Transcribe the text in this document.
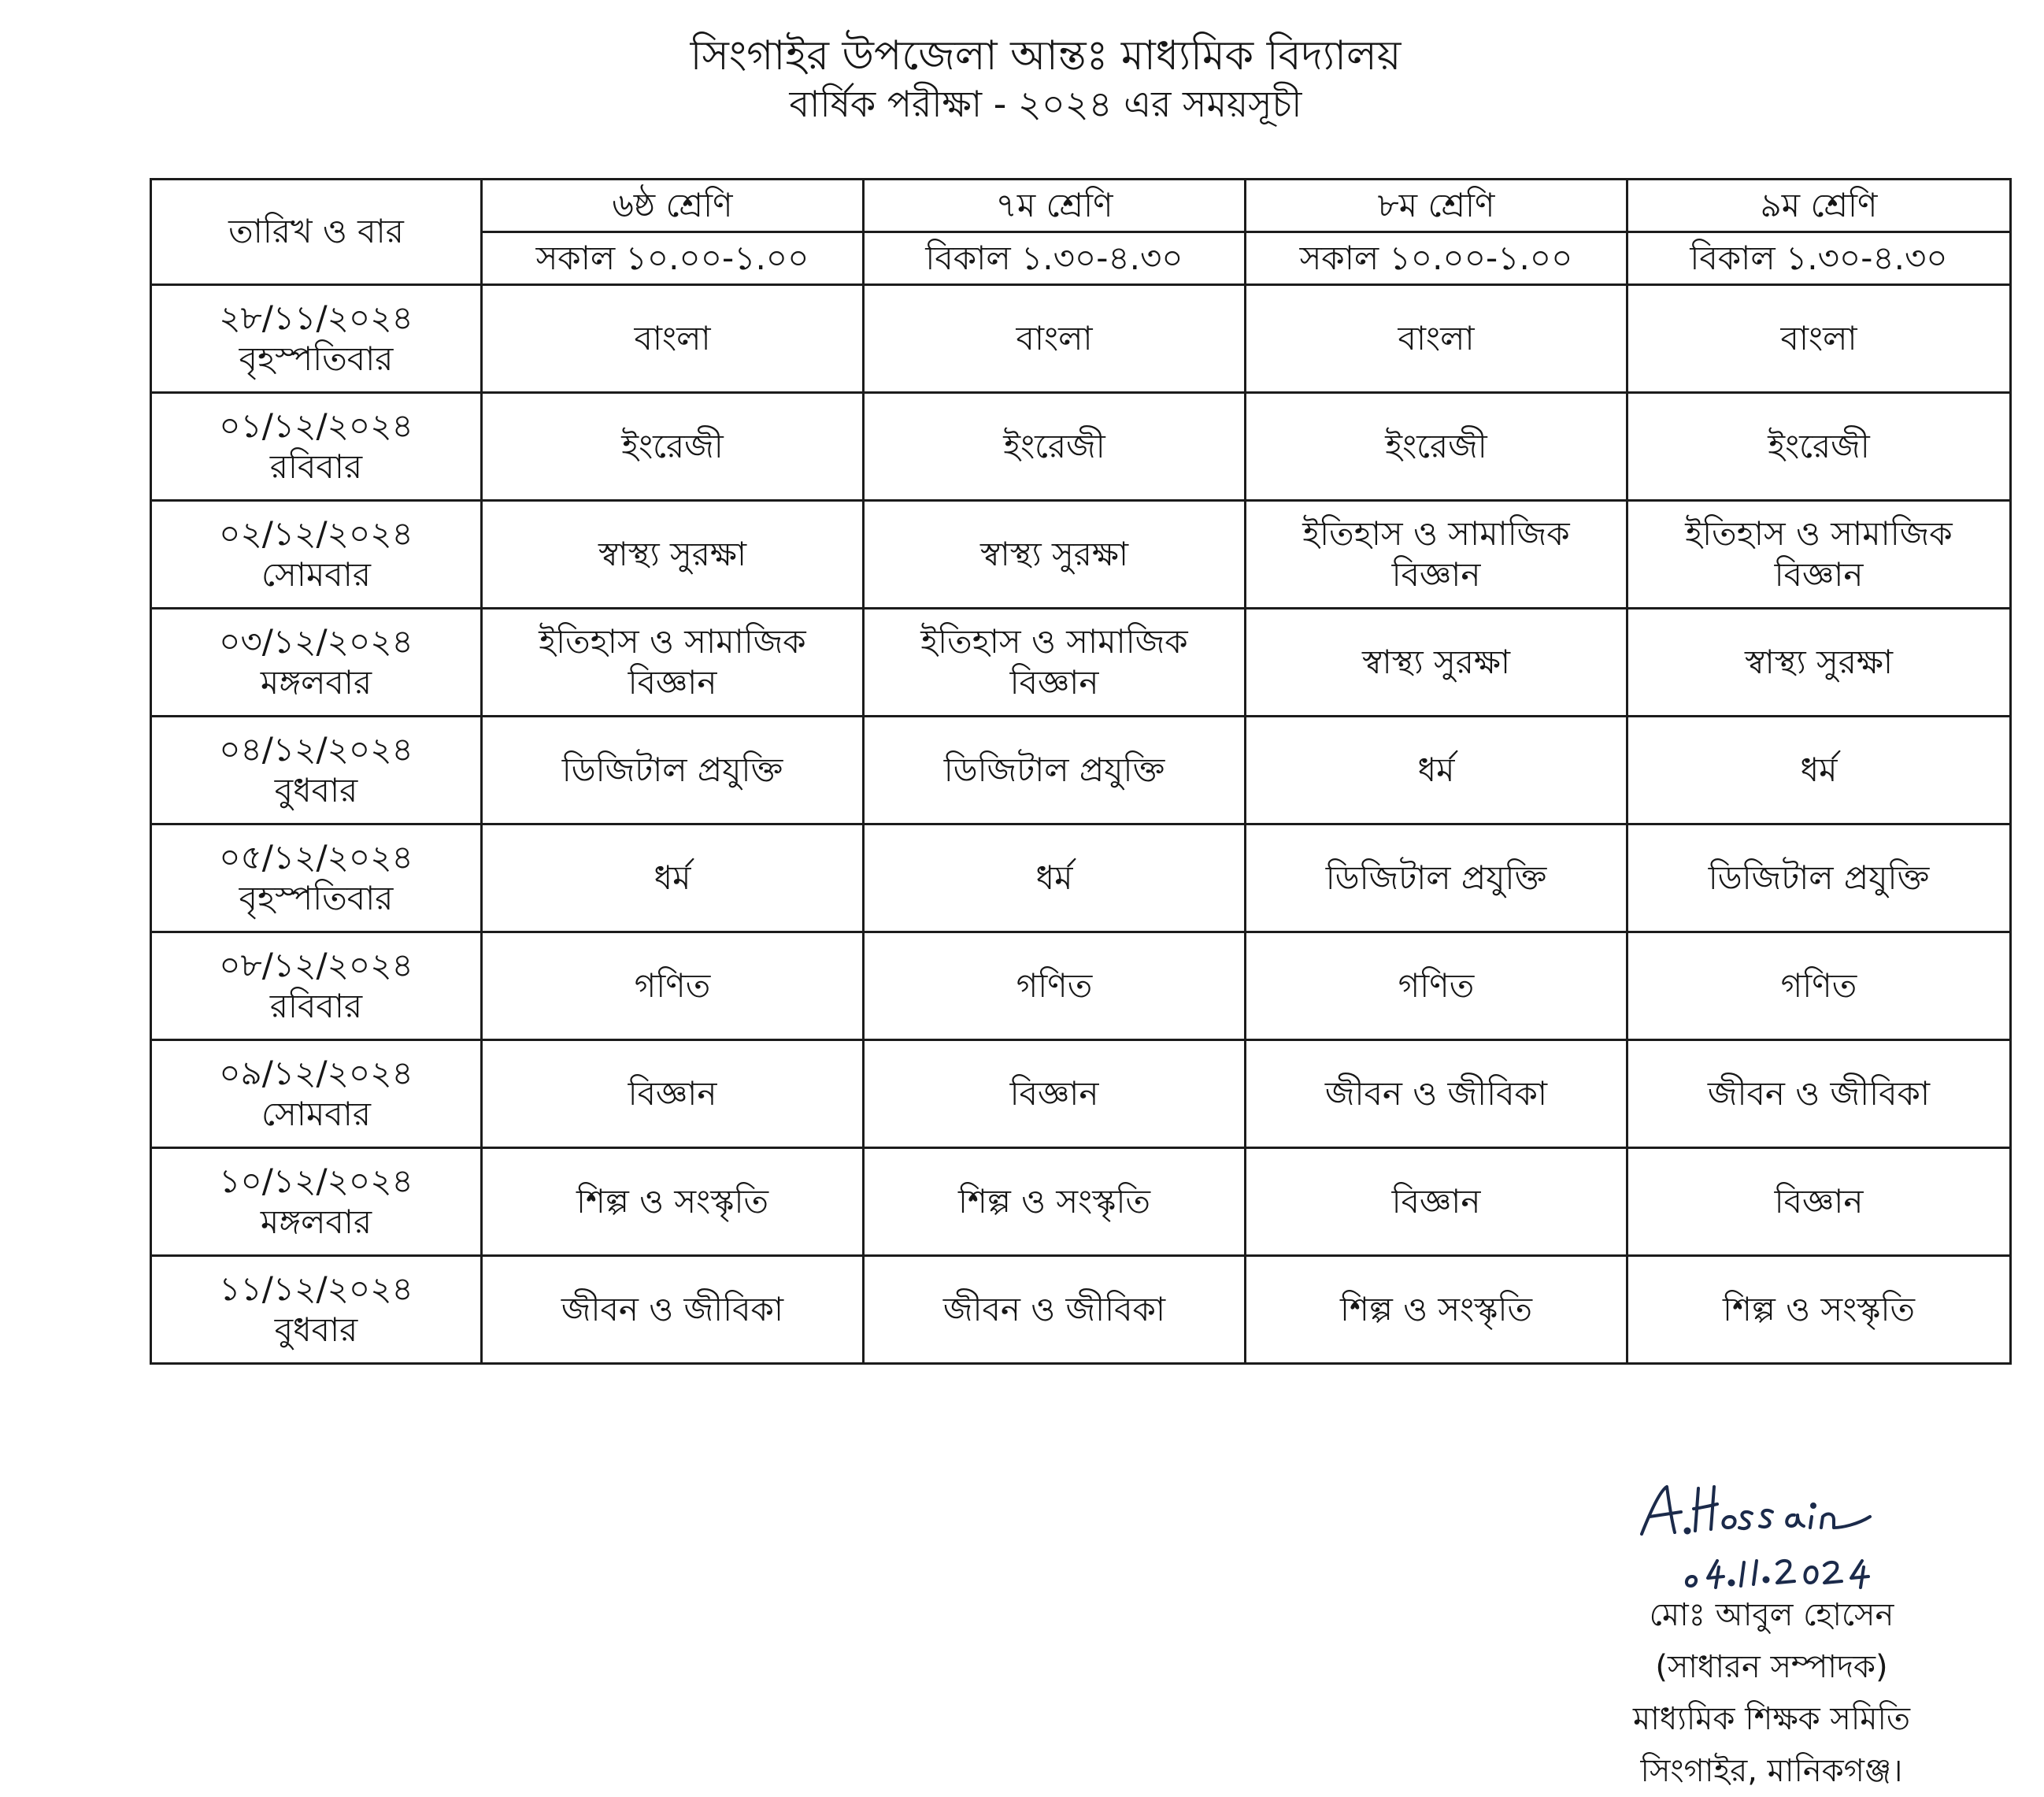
সিংগাইর উপজেলা আন্তঃ মাধ্যমিক বিদ্যালয়
বার্ষিক পরীক্ষা - ২০২৪ এর সময়সূচী
তারিখ ও বার	৬ষ্ঠ শ্রেণি	৭ম শ্রেণি	৮ম শ্রেণি	৯ম শ্রেণি
	সকাল ১০.০০-১.০০	বিকাল ১.৩০-৪.৩০	সকাল ১০.০০-১.০০	বিকাল ১.৩০-৪.৩০

২৮/১১/২০২৪
বৃহস্পতিবার	বাংলা	বাংলা	বাংলা	বাংলা

০১/১২/২০২৪
রবিবার	ইংরেজী	ইংরেজী	ইংরেজী	ইংরেজী

০২/১২/২০২৪
সোমবার	স্বাস্থ্য সুরক্ষা	স্বাস্থ্য সুরক্ষা	ইতিহাস ও সামাজিক বিজ্ঞান	ইতিহাস ও সামাজিক বিজ্ঞান

০৩/১২/২০২৪
মঙ্গলবার	ইতিহাস ও সামাজিক বিজ্ঞান	ইতিহাস ও সামাজিক বিজ্ঞান	স্বাস্থ্য সুরক্ষা	স্বাস্থ্য সুরক্ষা

০৪/১২/২০২৪
বুধবার	ডিজিটাল প্রযুক্তি	ডিজিটাল প্রযুক্তি	ধর্ম	ধর্ম

০৫/১২/২০২৪
বৃহস্পতিবার	ধর্ম	ধর্ম	ডিজিটাল প্রযুক্তি	ডিজিটাল প্রযুক্তি

০৮/১২/২০২৪
রবিবার	গণিত	গণিত	গণিত	গণিত

০৯/১২/২০২৪
সোমবার	বিজ্ঞান	বিজ্ঞান	জীবন ও জীবিকা	জীবন ও জীবিকা

১০/১২/২০২৪
মঙ্গলবার	শিল্প ও সংস্কৃতি	শিল্প ও সংস্কৃতি	বিজ্ঞান	বিজ্ঞান

১১/১২/২০২৪
বুধবার	জীবন ও জীবিকা	জীবন ও জীবিকা	শিল্প ও সংস্কৃতি	শিল্প ও সংস্কৃতি
মোঃ আবুল হোসেন
(সাধারন সম্পাদক)
মাধ্যমিক শিক্ষক সমিতি
সিংগাইর, মানিকগঞ্জ।
